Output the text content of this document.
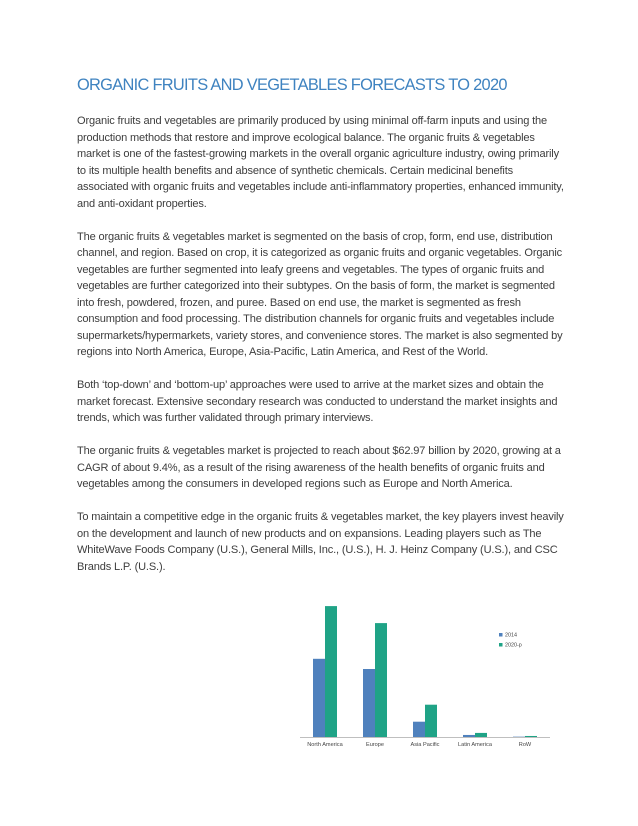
ORGANIC FRUITS AND VEGETABLES FORECASTS TO 2020

Organic fruits and vegetables are primarily produced by using minimal off-farm inputs and using the production methods that restore and improve ecological balance. The organic fruits & vegetables market is one of the fastest-growing markets in the overall organic agriculture industry, owing primarily to its multiple health benefits and absence of synthetic chemicals. Certain medicinal benefits associated with organic fruits and vegetables include anti-inflammatory properties, enhanced immunity, and anti-oxidant properties.

The organic fruits & vegetables market is segmented on the basis of crop, form, end use, distribution channel, and region. Based on crop, it is categorized as organic fruits and organic vegetables. Organic vegetables are further segmented into leafy greens and vegetables. The types of organic fruits and vegetables are further categorized into their subtypes. On the basis of form, the market is segmented into fresh, powdered, frozen, and puree. Based on end use, the market is segmented as fresh consumption and food processing. The distribution channels for organic fruits and vegetables include supermarkets/hypermarkets, variety stores, and convenience stores. The market is also segmented by regions into North America, Europe, Asia-Pacific, Latin America, and Rest of the World.

Both ‘top-down’ and ‘bottom-up’ approaches were used to arrive at the market sizes and obtain the market forecast. Extensive secondary research was conducted to understand the market insights and trends, which was further validated through primary interviews.

The organic fruits & vegetables market is projected to reach about $62.97 billion by 2020, growing at a CAGR of about 9.4%, as a result of the rising awareness of the health benefits of organic fruits and vegetables among the consumers in developed regions such as Europe and North America.

To maintain a competitive edge in the organic fruits & vegetables market, the key players invest heavily on the development and launch of new products and on expansions. Leading players such as The WhiteWave Foods Company (U.S.), General Mills, Inc., (U.S.), H. J. Heinz Company (U.S.), and CSC Brands L.P. (U.S.).

North America	Europe	Asia Pacific	Latin America	RoW
2014
2020-p
